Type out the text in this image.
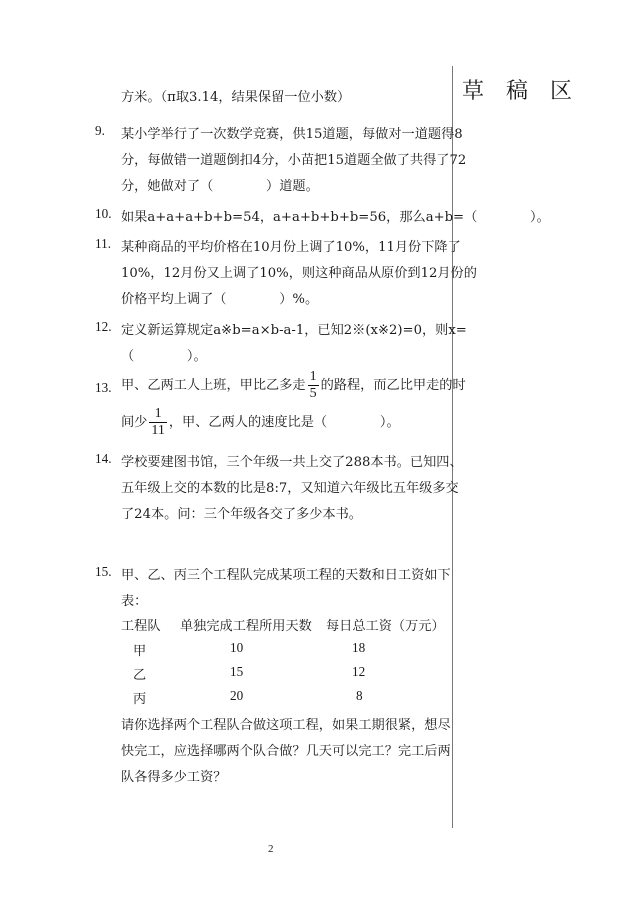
草 稿 区
方米。（π取3.14，结果保留一位小数）
9. 某小学举行了一次数学竞赛，供15道题，每做对一道题得8
分，每做错一道题倒扣4分，小苗把15道题全做了共得了72
分，她做对了（　　　　）道题。
10. 如果a+a+a+b+b=54，a+a+b+b+b=56，那么a+b=（　　　　）。
11. 某种商品的平均价格在10月份上调了10%，11月份下降了
10%，12月份又上调了10%，则这种商品从原价到12月份的
价格平均上调了（　　　　）%。
12. 定义新运算规定a※b=a×b-a-1，已知2※(x※2)=0，则x=
（　　　　）。
13. 甲、乙两工人上班，甲比乙多走 $\frac{1}{5}$ 的路程，而乙比甲走的时
间少 $\frac{1}{11}$ ，甲、乙两人的速度比是（　　　　）。
14. 学校要建图书馆，三个年级一共上交了288本书。已知四、
五年级上交的本数的比是8:7，又知道六年级比五年级多交
了24本。问：三个年级各交了多少本书。
15. 甲、乙、丙三个工程队完成某项工程的天数和日工资如下
表：
工程队 单独完成工程所用天数 每日总工资（万元）
甲	10	18
乙	15	12
丙	20	8
请你选择两个工程队合做这项工程，如果工期很紧，想尽
快完工，应选择哪两个队合做？几天可以完工？完工后两
队各得多少工资？
2
